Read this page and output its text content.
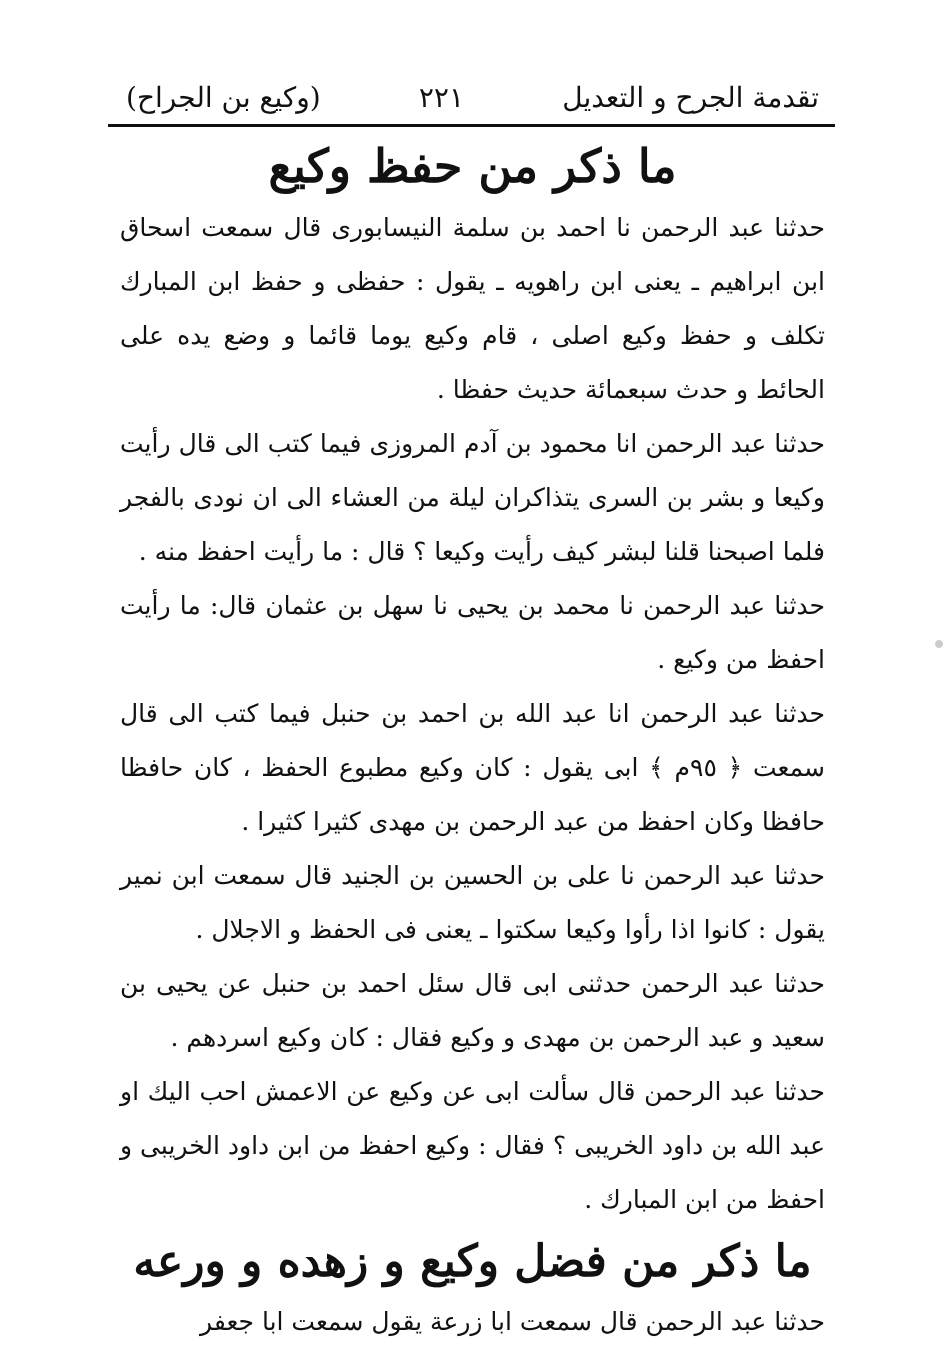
تقدمة الجرح و التعديل
٢٢١
(وكيع بن الجراح)
ما ذكر من حفظ وكيع

حدثنا عبد الرحمن نا احمد بن سلمة النيسابورى قال سمعت اسحاق ابن ابراهيم ـ يعنى ابن راهويه ـ يقول : حفظى و حفظ ابن المبارك تكلف و حفظ وكيع اصلى ، قام وكيع يوما قائما و وضع يده على الحائط و حدث سبعمائة حديث حفظا .

حدثنا عبد الرحمن انا محمود بن آدم المروزى فيما كتب الى قال رأيت وكيعا و بشر بن السرى يتذاكران ليلة من العشاء الى ان نودى بالفجر فلما اصبحنا قلنا لبشر كيف رأيت وكيعا ؟ قال : ما رأيت احفظ منه .

حدثنا عبد الرحمن نا محمد بن يحيى نا سهل بن عثمان قال: ما رأيت احفظ من وكيع .

حدثنا عبد الرحمن انا عبد الله بن احمد بن حنبل فيما كتب الى قال سمعت ﴿ ٩٥م ﴾ ابى يقول : كان وكيع مطبوع الحفظ ، كان حافظا حافظا وكان احفظ من عبد الرحمن بن مهدى كثيرا كثيرا .

حدثنا عبد الرحمن نا على بن الحسين بن الجنيد قال سمعت ابن نمير يقول : كانوا اذا رأوا وكيعا سكتوا ـ يعنى فى الحفظ و الاجلال .

حدثنا عبد الرحمن حدثنى ابى قال سئل احمد بن حنبل عن يحيى بن سعيد و عبد الرحمن بن مهدى و وكيع فقال : كان وكيع اسردهم .

حدثنا عبد الرحمن قال سألت ابى عن وكيع عن الاعمش احب اليك او عبد الله بن داود الخريبى ؟ فقال : وكيع احفظ من ابن داود الخريبى و احفظ من ابن المبارك .

ما ذكر من فضل وكيع و زهده و ورعه

حدثنا عبد الرحمن قال سمعت ابا زرعة يقول سمعت ابا جعفر
